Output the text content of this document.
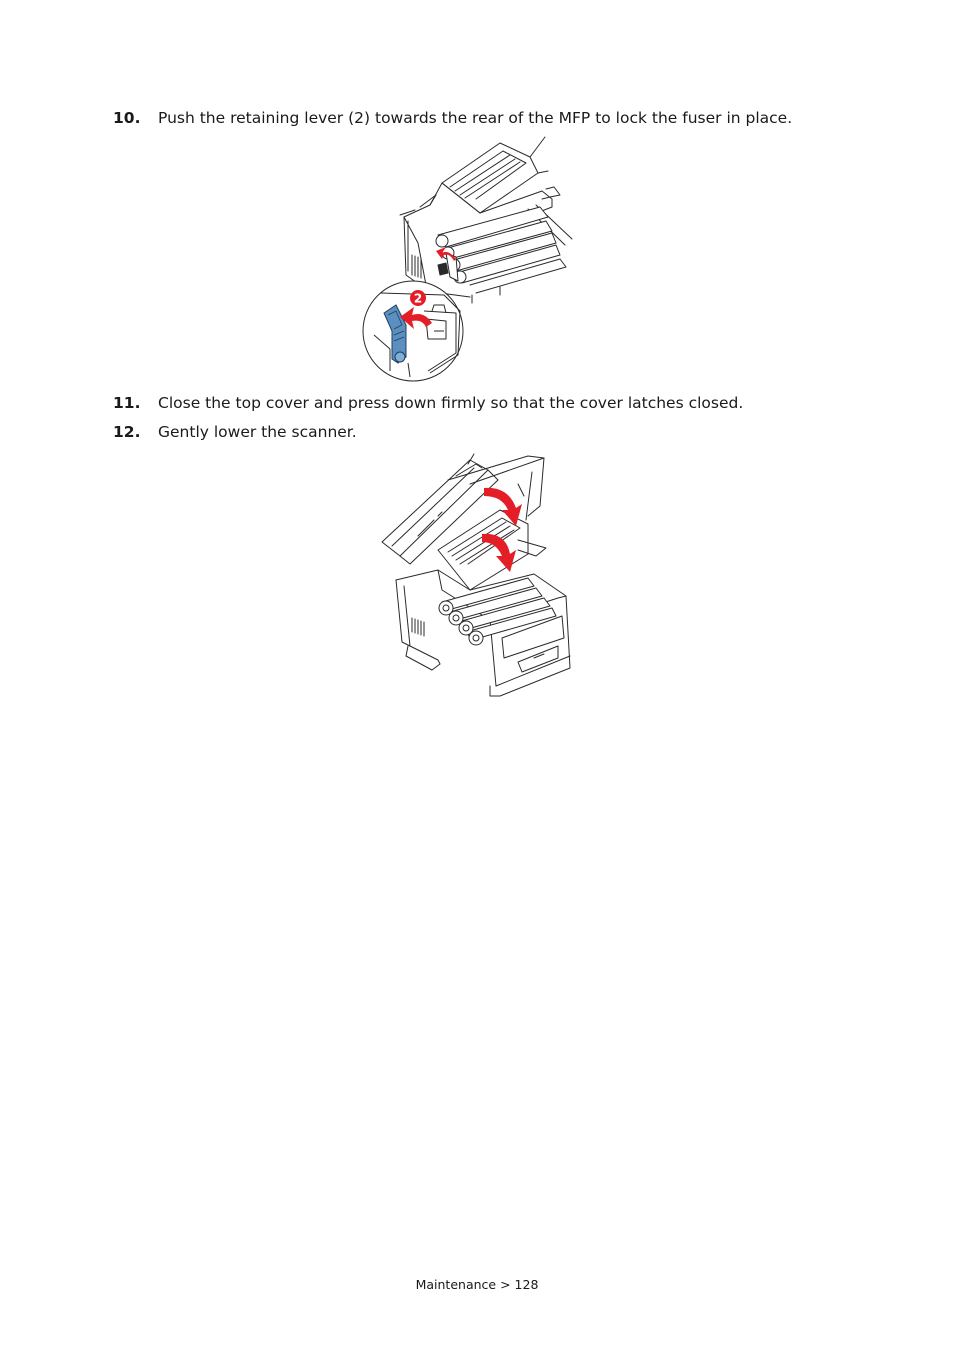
10. Push the retaining lever (2) towards the rear of the MFP to lock the fuser in place.
2
11. Close the top cover and press down firmly so that the cover latches closed.
12. Gently lower the scanner.
Maintenance > 128
